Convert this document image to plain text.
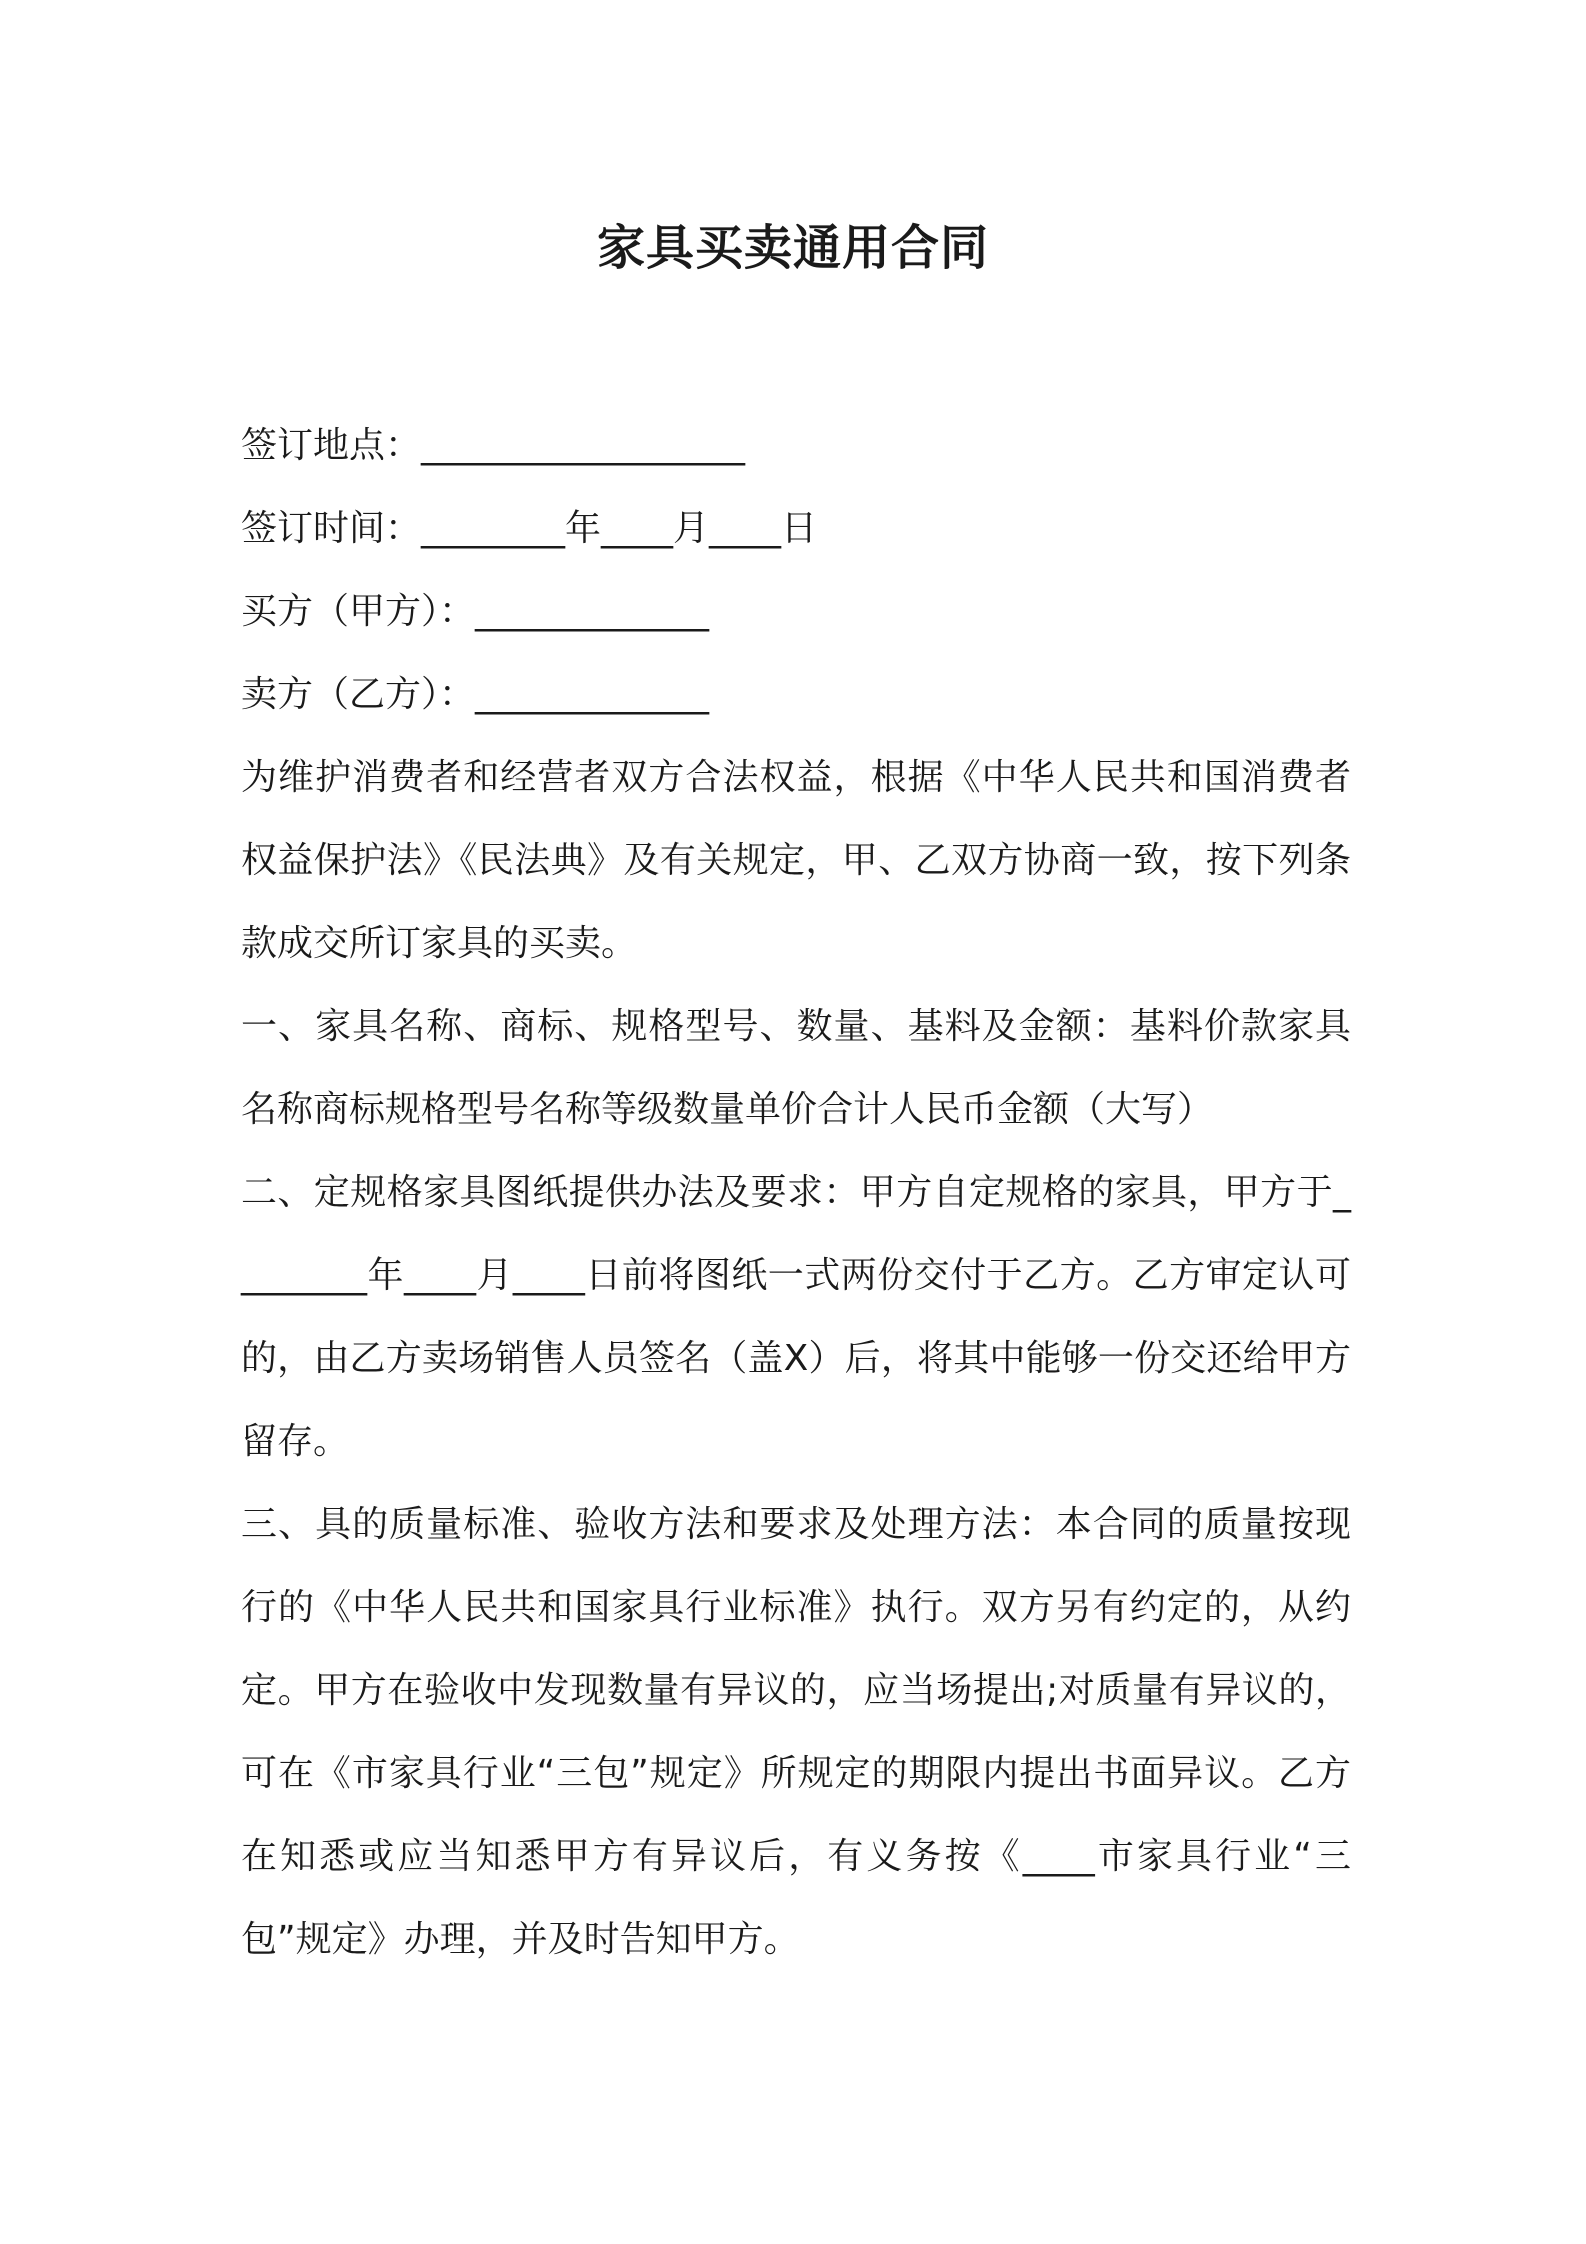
家具买卖通用合同
签订地点：__________________
签订时间：________年____月____日
买方（甲方）：_____________
卖方（乙方）：_____________
为维护消费者和经营者双方合法权益，根据《中华人民共和国消费者权益保护法》《民法典》及有关规定，甲、乙双方协商一致，按下列条款成交所订家具的买卖。
一、家具名称、商标、规格型号、数量、基料及金额：基料价款家具名称商标规格型号名称等级数量单价合计人民币金额（大写）
二、定规格家具图纸提供办法及要求：甲方自定规格的家具，甲方于________年____月____日前将图纸一式两份交付于乙方。乙方审定认可的，由乙方卖场销售人员签名（盖Ⅹ）后，将其中能够一份交还给甲方留存。
三、具的质量标准、验收方法和要求及处理方法：本合同的质量按现行的《中华人民共和国家具行业标准》执行。双方另有约定的，从约定。甲方在验收中发现数量有异议的，应当场提出;对质量有异议的，可在《市家具行业“三包”规定》所规定的期限内提出书面异议。乙方在知悉或应当知悉甲方有异议后，有义务按《____市家具行业“三包”规定》办理，并及时告知甲方。
